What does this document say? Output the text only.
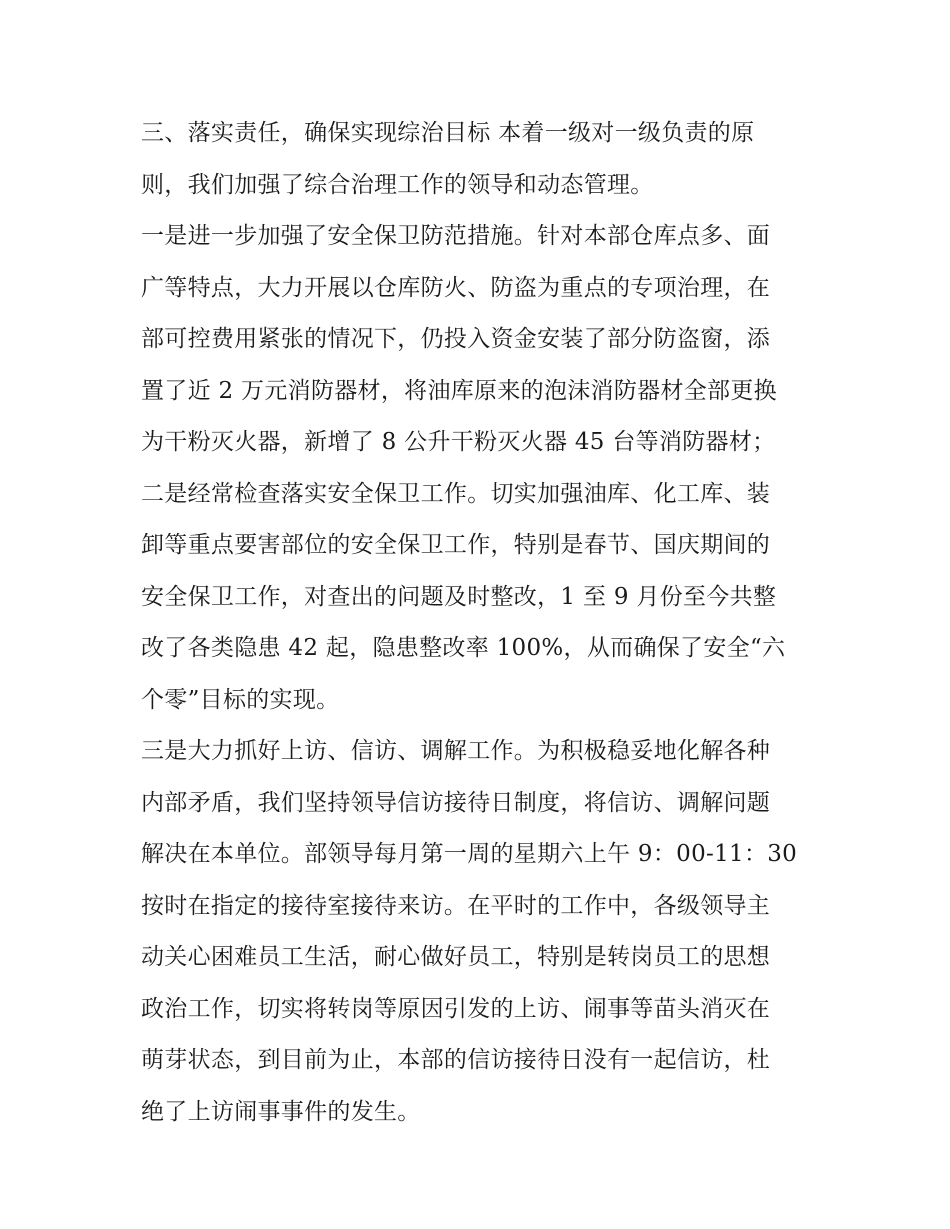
三、落实责任，确保实现综治目标 本着一级对一级负责的原

则，我们加强了综合治理工作的领导和动态管理。

一是进一步加强了安全保卫防范措施。针对本部仓库点多、面

广等特点，大力开展以仓库防火、防盗为重点的专项治理，在

部可控费用紧张的情况下，仍投入资金安装了部分防盗窗，添

置了近 2 万元消防器材，将油库原来的泡沫消防器材全部更换

为干粉灭火器，新增了 8 公升干粉灭火器 45 台等消防器材；

二是经常检查落实安全保卫工作。切实加强油库、化工库、装

卸等重点要害部位的安全保卫工作，特别是春节、国庆期间的

安全保卫工作，对查出的问题及时整改，1 至 9 月份至今共整

改了各类隐患 42 起，隐患整改率 100%，从而确保了安全“六

个零”目标的实现。

三是大力抓好上访、信访、调解工作。为积极稳妥地化解各种

内部矛盾，我们坚持领导信访接待日制度，将信访、调解问题

解决在本单位。部领导每月第一周的星期六上午 9：00-11：30

按时在指定的接待室接待来访。在平时的工作中，各级领导主

动关心困难员工生活，耐心做好员工，特别是转岗员工的思想

政治工作，切实将转岗等原因引发的上访、闹事等苗头消灭在

萌芽状态，到目前为止，本部的信访接待日没有一起信访，杜

绝了上访闹事事件的发生。
